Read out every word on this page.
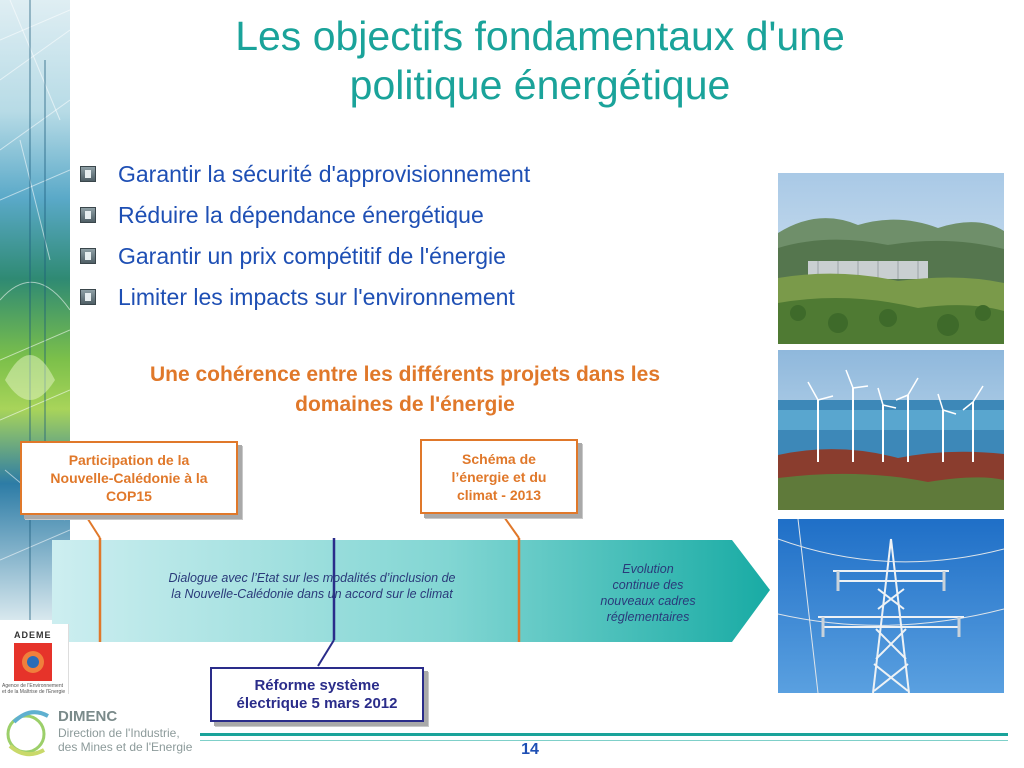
Les objectifs fondamentaux d'une
politique énergétique
Garantir la sécurité d'approvisionnement
Réduire la dépendance énergétique
Garantir un prix compétitif de l'énergie
Limiter les impacts sur l'environnement
Une cohérence entre les différents projets dans les
domaines de l'énergie
Dialogue avec l’Etat sur les modalités d’inclusion de
la Nouvelle-Calédonie dans un accord sur le climat
Evolution
continue des
nouveaux cadres
réglementaires
Participation de la
Nouvelle-Calédonie à la
COP15
Schéma de
l’énergie et du
climat - 2013
Réforme système
électrique 5 mars 2012
ADEME
Agence de l'Environnement et de la Maîtrise de l'Energie
DIMENC
Direction de l'Industrie,
des Mines et de l'Energie	14
